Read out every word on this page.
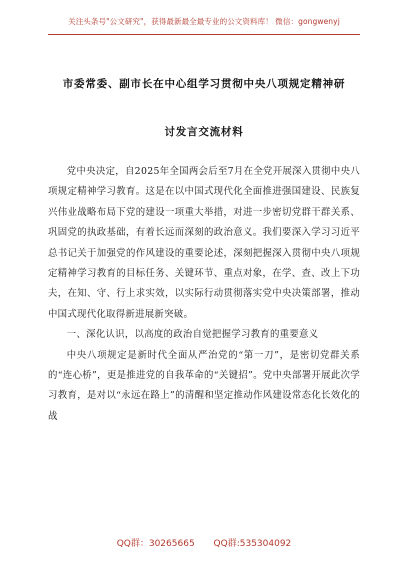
关注头条号"公文研究"，获得最新最全最专业的公文资料库！ 微信：gongwenyj
市委常委、副市长在中心组学习贯彻中央八项规定精神研
讨发言交流材料

党中央决定，自2025年全国两会后至7月在全党开展深入贯彻中央八项规定精神学习教育。这是在以中国式现代化全面推进强国建设、民族复兴伟业战略布局下党的建设一项重大举措，对进一步密切党群干群关系、巩固党的执政基础，有着长远而深刻的政治意义。我们要深入学习习近平总书记关于加强党的作风建设的重要论述，深刻把握深入贯彻中央八项规定精神学习教育的目标任务、关键环节、重点对象，在学、查、改上下功夫，在知、守、行上求实效，以实际行动贯彻落实党中央决策部署，推动中国式现代化取得新进展新突破。

一、深化认识，以高度的政治自觉把握学习教育的重要意义

中央八项规定是新时代全面从严治党的“第一刀”，是密切党群关系的“连心桥”，更是推进党的自我革命的“关键招”。党中央部署开展此次学习教育，是对以“永远在路上”的清醒和坚定推动作风建设常态化长效化的战

QQ群：30265665 QQ群:535304092
